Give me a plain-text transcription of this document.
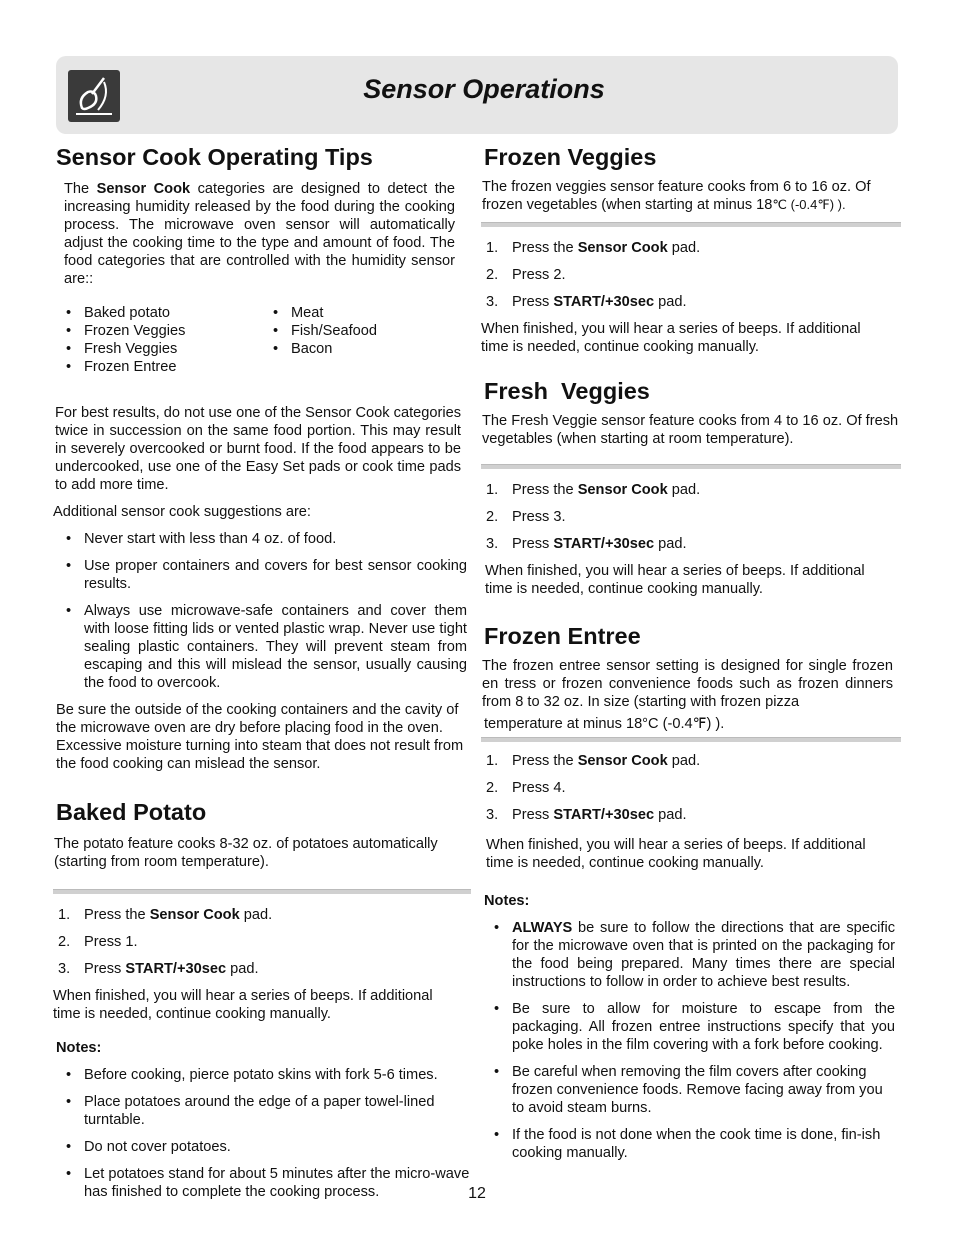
Sensor Operations
Sensor Cook Operating Tips

The Sensor Cook categories are designed to detect the increasing humidity released by the food during the cooking process. The microwave oven sensor will automatically adjust the cooking time to the type and amount of food. The food categories that are controlled with the humidity sensor are::

• Baked potato
• Frozen Veggies
• Fresh Veggies
• Frozen Entree
• Meat
• Fish/Seafood
• Bacon

For best results, do not use one of the Sensor Cook categories twice in succession on the same food portion. This may result in severely overcooked or burnt food. If the food appears to be undercooked, use one of the Easy Set pads or cook time pads to add more time.

Additional sensor cook suggestions are:

• Never start with less than 4 oz. of food.
• Use proper containers and covers for best sensor cooking results.
• Always use microwave-safe containers and cover them with loose fitting lids or vented plastic wrap. Never use tight sealing plastic containers. They will prevent steam from escaping and this will mislead the sensor, usually causing the food to overcook.

Be sure the outside of the cooking containers and the cavity of the microwave oven are dry before placing food in the oven. Excessive moisture turning into steam that does not result from the food cooking can mislead the sensor.

Baked Potato

The potato feature cooks 8-32 oz. of potatoes automatically (starting from room temperature).

1. Press the Sensor Cook pad.
2. Press 1.
3. Press START/+30sec pad.

When finished, you will hear a series of beeps. If additional time is needed, continue cooking manually.

Notes:

• Before cooking, pierce potato skins with fork 5-6 times.
• Place potatoes around the edge of a paper towel-lined turntable.
• Do not cover potatoes.
• Let potatoes stand for about 5 minutes after the micro-wave has finished to complete the cooking process.
Frozen Veggies

The frozen veggies sensor feature cooks from 6 to 16 oz. Of frozen vegetables (when starting at minus 18℃ (-0.4℉) ).

1. Press the Sensor Cook pad.
2. Press 2.
3. Press START/+30sec pad.

When finished, you will hear a series of beeps. If additional time is needed, continue cooking manually.

Fresh  Veggies

The Fresh Veggie sensor feature cooks from 4 to 16 oz. Of fresh vegetables (when starting at room temperature).

1. Press the Sensor Cook pad.
2. Press 3.
3. Press START/+30sec pad.

When finished, you will hear a series of beeps. If additional time is needed, continue cooking manually.

Frozen Entree

The frozen entree sensor setting is designed for single frozen en tress or frozen convenience foods such as frozen dinners from 8 to 32 oz. In size (starting with frozen pizza

temperature at minus 18°C (-0.4℉) ).

1. Press the Sensor Cook pad.
2. Press 4.
3. Press START/+30sec pad.

When finished, you will hear a series of beeps. If additional time is needed, continue cooking manually.

Notes:

• ALWAYS be sure to follow the directions that are specific for the microwave oven that is printed on the packaging for the food being prepared. Many times there are special instructions to follow in order to achieve best results.
• Be sure to allow for moisture to escape from the packaging. All frozen entree instructions specify that you poke holes in the film covering with a fork before cooking.
• Be careful when removing the film covers after cooking frozen convenience foods. Remove facing away from you to avoid steam burns.
• If the food is not done when the cook time is done, fin-ish cooking manually.
12
